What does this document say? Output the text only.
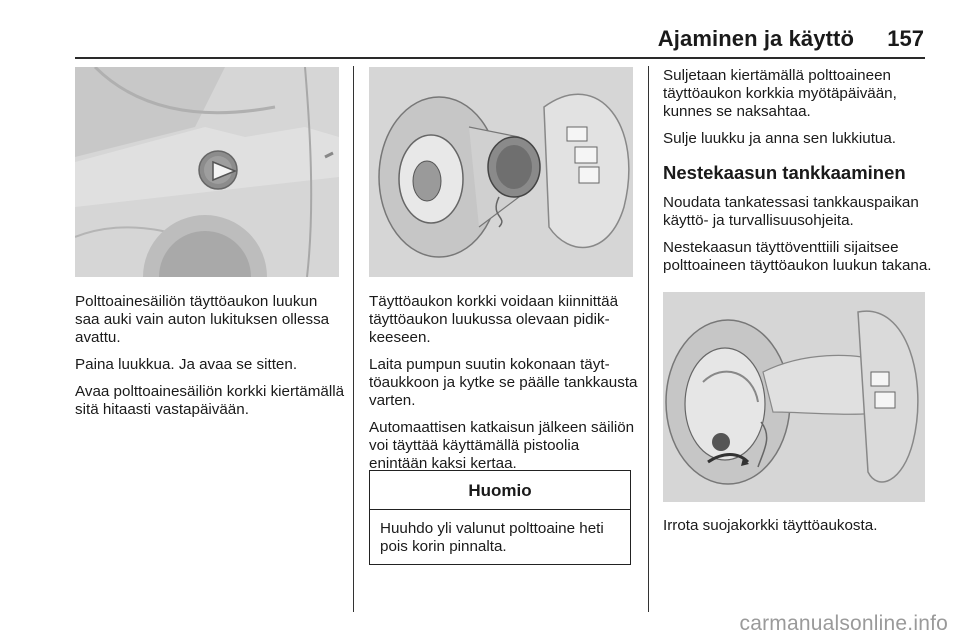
Ajaminen ja käyttö 157

Polttoainesäiliön täyttöaukon luukun saa auki vain auton lukituksen ollessa avattu.

Paina luukkua. Ja avaa se sitten.

Avaa polttoainesäiliön korkki kiertämällä sitä hitaasti vastapäivään.

Täyttöaukon korkki voidaan kiinnittää täyttöaukon luukussa olevaan pidikkeeseen.

Laita pumpun suutin kokonaan täyttöaukkoon ja kytke se päälle tankkausta varten.

Automaattisen katkaisun jälkeen säiliön voi täyttää käyttämällä pistoolia enintään kaksi kertaa.

Huomio
Huuhdo yli valunut polttoaine heti pois korin pinnalta.

Suljetaan kiertämällä polttoaineen täyttöaukon korkkia myötäpäivään, kunnes se naksahtaa.

Sulje luukku ja anna sen lukkiutua.

Nestekaasun tankkaaminen

Noudata tankatessasi tankkauspaikan käyttö- ja turvallisuusohjeita.

Nestekaasun täyttöventtiili sijaitsee polttoaineen täyttöaukon luukun takana.

Irrota suojakorkki täyttöaukosta.

carmanualsonline.info
